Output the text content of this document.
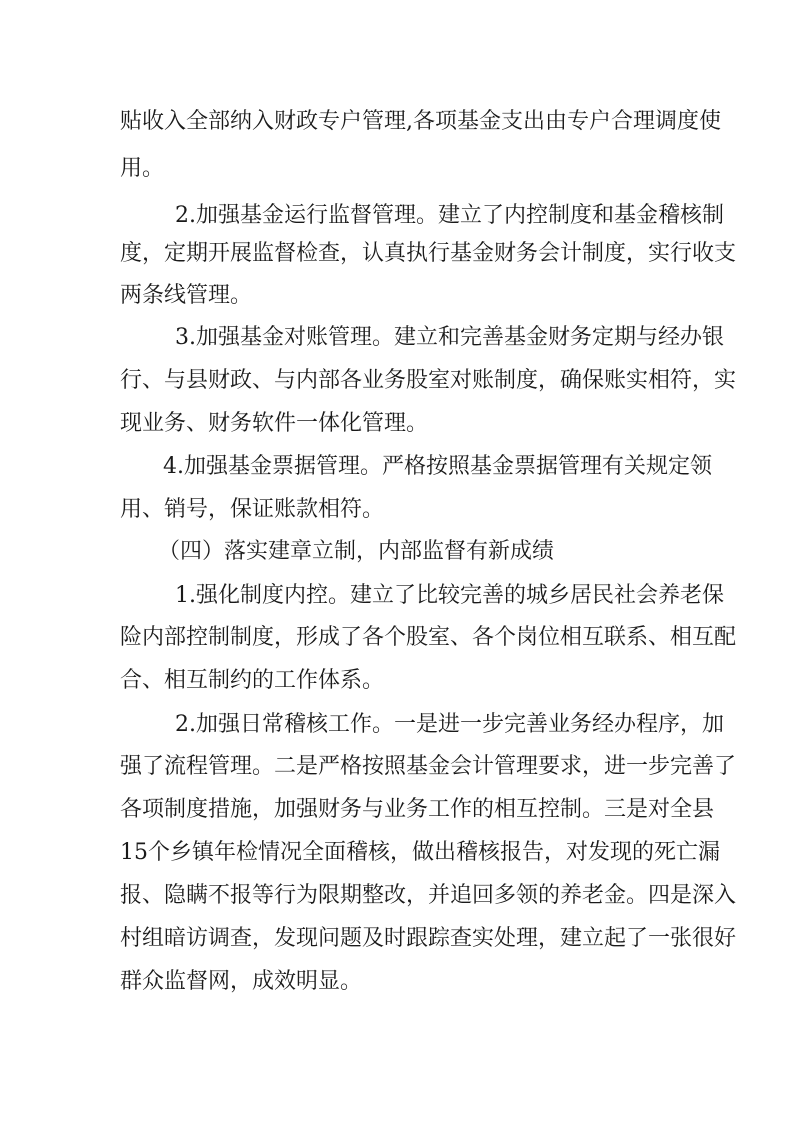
贴收入全部纳入财政专户管理,各项基金支出由专户合理调度使
用。
2.加强基金运行监督管理。建立了内控制度和基金稽核制
度，定期开展监督检查，认真执行基金财务会计制度，实行收支
两条线管理。
3.加强基金对账管理。建立和完善基金财务定期与经办银
行、与县财政、与内部各业务股室对账制度，确保账实相符，实
现业务、财务软件一体化管理。
4.加强基金票据管理。严格按照基金票据管理有关规定领
用、销号，保证账款相符。
（四）落实建章立制，内部监督有新成绩
1.强化制度内控。建立了比较完善的城乡居民社会养老保
险内部控制制度，形成了各个股室、各个岗位相互联系、相互配
合、相互制约的工作体系。
2.加强日常稽核工作。一是进一步完善业务经办程序，加
强了流程管理。二是严格按照基金会计管理要求，进一步完善了
各项制度措施，加强财务与业务工作的相互控制。三是对全县
15个乡镇年检情况全面稽核，做出稽核报告，对发现的死亡漏
报、隐瞒不报等行为限期整改，并追回多领的养老金。四是深入
村组暗访调查，发现问题及时跟踪查实处理，建立起了一张很好
群众监督网，成效明显。
